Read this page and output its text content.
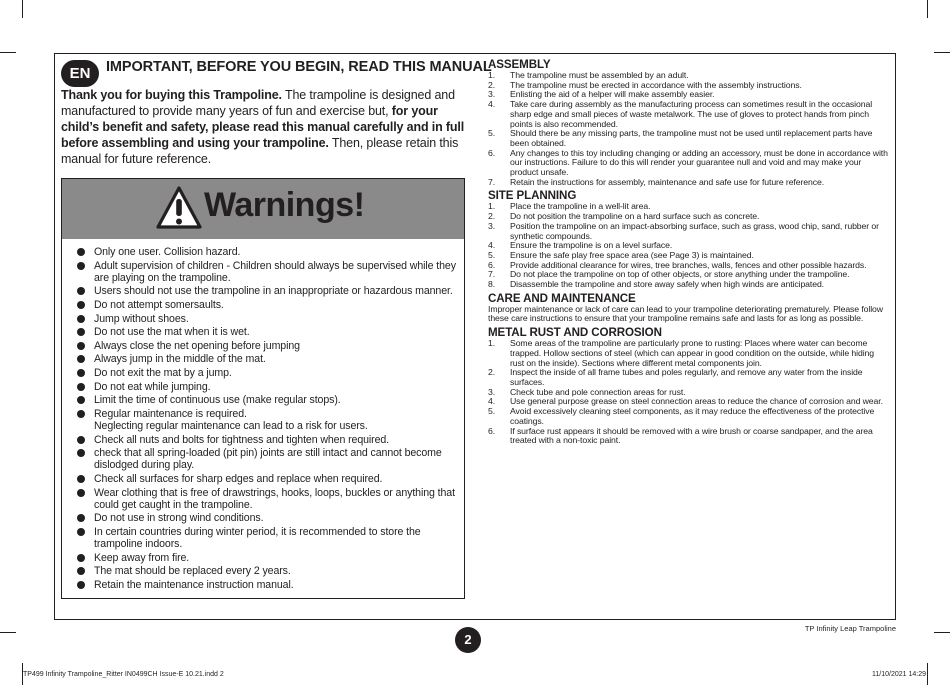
EN	IMPORTANT, BEFORE YOU BEGIN, READ THIS MANUAL
Thank you for buying this Trampoline. The trampoline is designed and manufactured to provide many years of fun and exercise but, for your child’s benefit and safety, please read this manual carefully and in full before assembling and using your trampoline. Then, please retain this manual for future reference.
Warnings!
Only one user. Collision hazard.
Adult supervision of children - Children should always be supervised while they are playing on the trampoline.
Users should not use the trampoline in an inappropriate or hazardous manner.
Do not attempt somersaults.
Jump without shoes.
Do not use the mat when it is wet.
Always close the net opening before jumping
Always jump in the middle of the mat.
Do not exit the mat by a jump.
Do not eat while jumping.
Limit the time of continuous use (make regular stops).
Regular maintenance is required.
Neglecting regular maintenance can lead to a risk for users.
Check all nuts and bolts for tightness and tighten when required.
check that all spring-loaded (pit pin) joints are still intact and cannot become dislodged during play.
Check all surfaces for sharp edges and replace when required.
Wear clothing that is free of drawstrings, hooks, loops, buckles or anything that could get caught in the trampoline.
Do not use in strong wind conditions.
In certain countries during winter period, it is recommended to store the trampoline indoors.
Keep away from fire.
The mat should be replaced every 2 years.
Retain the maintenance instruction manual.
ASSEMBLY
1. The trampoline must be assembled by an adult.
2. The trampoline must be erected in accordance with the assembly instructions.
3. Enlisting the aid of a helper will make assembly easier.
4. Take care during assembly as the manufacturing process can sometimes result in the occasional sharp edge and small pieces of waste metalwork. The use of gloves to protect hands from pinch points is also recommended.
5. Should there be any missing parts, the trampoline must not be used until replacement parts have been obtained.
6. Any changes to this toy including changing or adding an accessory, must be done in accordance with our instructions. Failure to do this will render your guarantee null and void and may make your product unsafe.
7. Retain the instructions for assembly, maintenance and safe use for future reference.
SITE PLANNING
1. Place the trampoline in a well-lit area.
2. Do not position the trampoline on a hard surface such as concrete.
3. Position the trampoline on an impact-absorbing surface, such as grass, wood chip, sand, rubber or synthetic compounds.
4. Ensure the trampoline is on a level surface.
5. Ensure the safe play free space area (see Page 3) is maintained.
6. Provide additional clearance for wires, tree branches, walls, fences and other possible hazards.
7. Do not place the trampoline on top of other objects, or store anything under the trampoline.
8. Disassemble the trampoline and store away safely when high winds are anticipated.
CARE AND MAINTENANCE

Improper maintenance or lack of care can lead to your trampoline deteriorating prematurely. Please follow these care instructions to ensure that your trampoline remains safe and lasts for as long as possible.

METAL RUST AND CORROSION
1. Some areas of the trampoline are particularly prone to rusting: Places where water can become trapped. Hollow sections of steel (which can appear in good condition on the outside, while hiding rust on the inside). Sections where different metal components join.
2. Inspect the inside of all frame tubes and poles regularly, and remove any water from the inside surfaces.
3. Check tube and pole connection areas for rust.
4. Use general purpose grease on steel connection areas to reduce the chance of corrosion and wear.
5. Avoid excessively cleaning steel components, as it may reduce the effectiveness of the protective coatings.
6. If surface rust appears it should be removed with a wire brush or coarse sandpaper, and the area treated with a non-toxic paint.
2
TP Infinity Leap Trampoline
TP499 Infinity Trampoline_Ritter IN0499CH Issue-E 10.21.indd 2	11/10/2021 14:29
